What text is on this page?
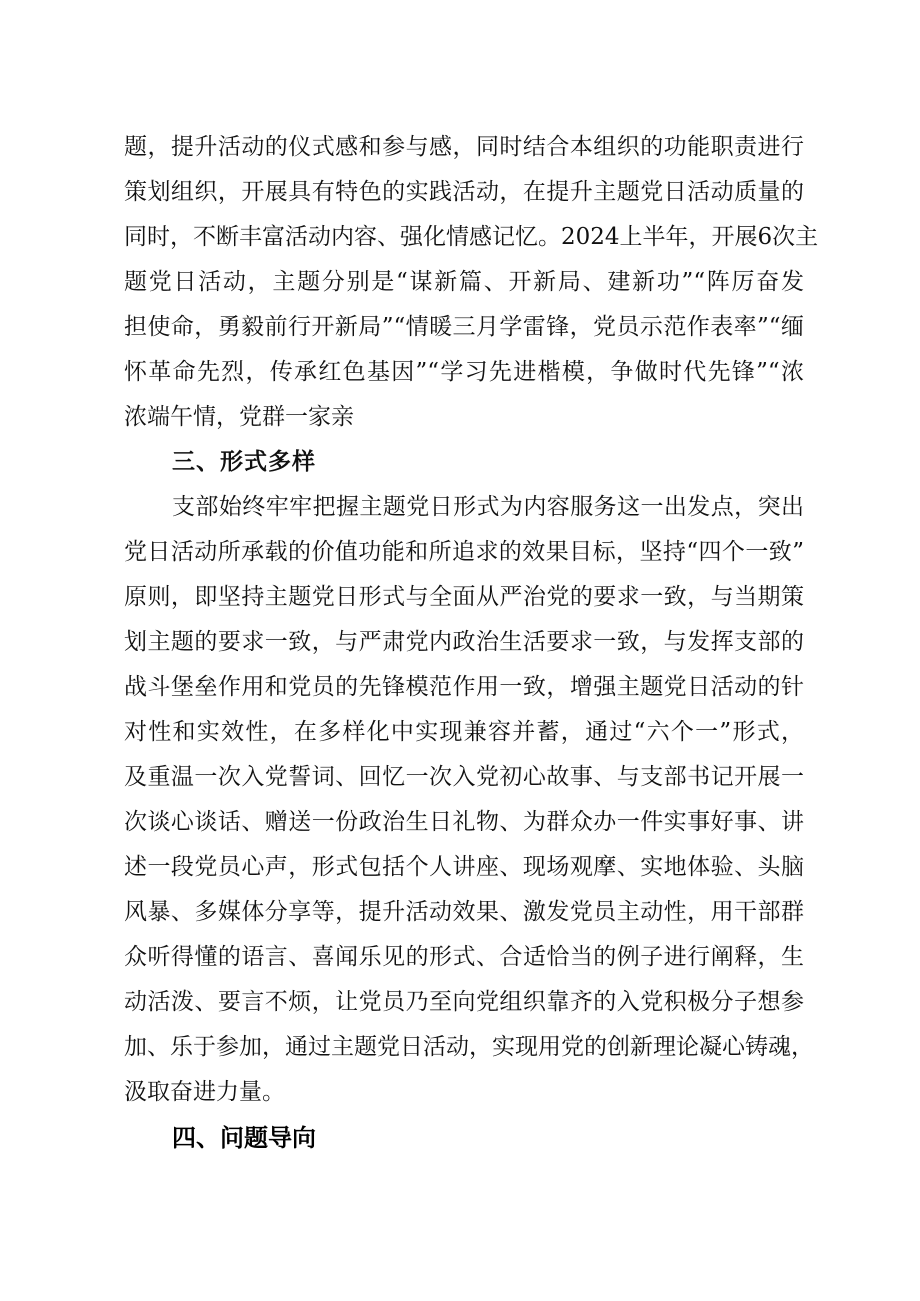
题，提升活动的仪式感和参与感，同时结合本组织的功能职责进行

策划组织，开展具有特色的实践活动，在提升主题党日活动质量的

同时，不断丰富活动内容、强化情感记忆。2024上半年，开展6次主

题党日活动，主题分别是“谋新篇、开新局、建新功”“阵厉奋发

担使命，勇毅前行开新局”“情暖三月学雷锋，党员示范作表率”“缅

怀革命先烈，传承红色基因”“学习先进楷模，争做时代先锋”“浓

浓端午情，党群一家亲

三、形式多样

支部始终牢牢把握主题党日形式为内容服务这一出发点，突出

党日活动所承载的价值功能和所追求的效果目标，坚持“四个一致”

原则，即坚持主题党日形式与全面从严治党的要求一致，与当期策

划主题的要求一致，与严肃党内政治生活要求一致，与发挥支部的

战斗堡垒作用和党员的先锋模范作用一致，增强主题党日活动的针

对性和实效性，在多样化中实现兼容并蓄，通过“六个一”形式，

及重温一次入党誓词、回忆一次入党初心故事、与支部书记开展一

次谈心谈话、赠送一份政治生日礼物、为群众办一件实事好事、讲

述一段党员心声，形式包括个人讲座、现场观摩、实地体验、头脑

风暴、多媒体分享等，提升活动效果、激发党员主动性，用干部群

众听得懂的语言、喜闻乐见的形式、合适恰当的例子进行阐释，生

动活泼、要言不烦，让党员乃至向党组织靠齐的入党积极分子想参

加、乐于参加，通过主题党日活动，实现用党的创新理论凝心铸魂，

汲取奋进力量。

四、问题导向
